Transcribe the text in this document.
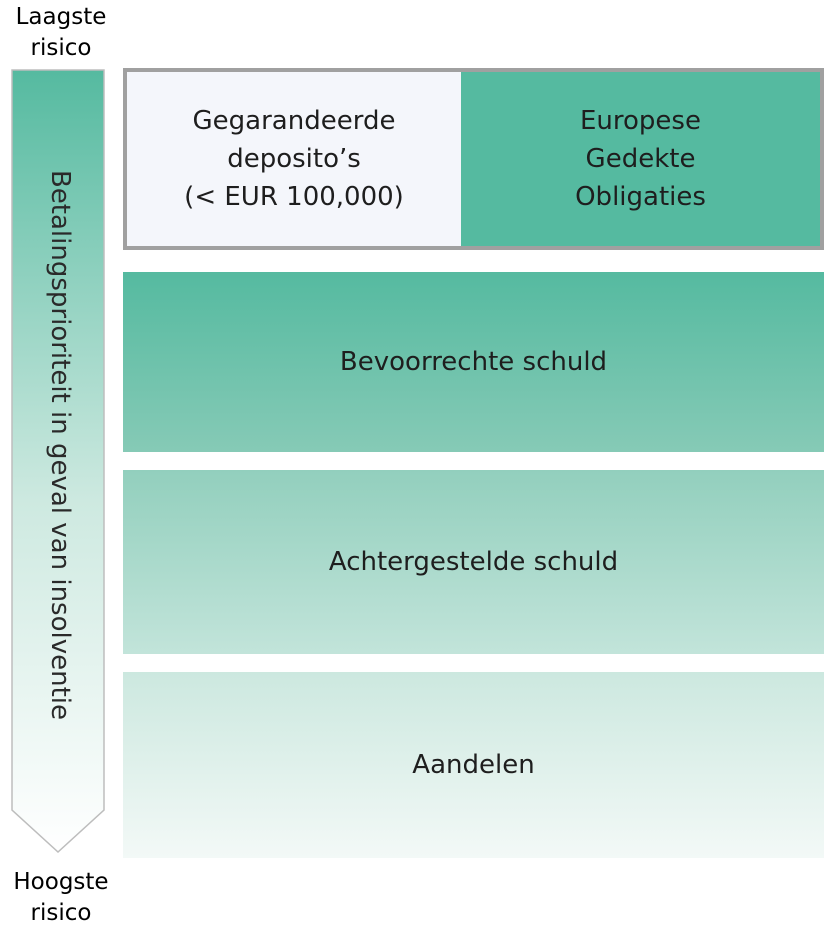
Laagste
risico
Betalingsprioriteit in geval van insolventie
Hoogste
risico
Gegarandeerde
deposito’s
(< EUR 100,000)
Europese
Gedekte
Obligaties
Bevoorrechte schuld
Achtergestelde schuld
Aandelen
